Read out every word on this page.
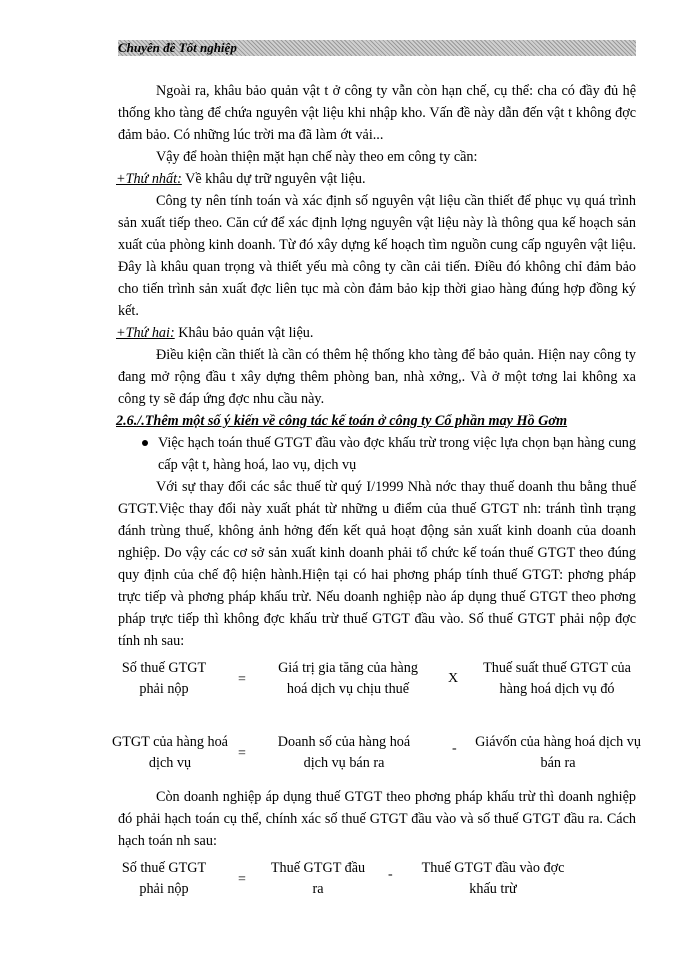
Chuyên đề Tốt nghiệp

Ngoài ra, khâu bảo quản vật t ở công ty vẫn còn hạn chế, cụ thể: cha có đầy đủ hệ thống kho tàng để chứa nguyên vật liệu khi nhập kho. Vấn đề này dẫn đến vật t không đợc đảm bảo. Có những lúc trời ma đã làm ớt vải...

Vậy để hoàn thiện mặt hạn chế này theo em công ty cần:

+Thứ nhất: Về khâu dự trữ nguyên vật liệu.

Công ty nên tính toán và xác định số nguyên vật liệu cần thiết để phục vụ quá trình sản xuất tiếp theo. Căn cứ để xác định lợng nguyên vật liệu này là thông qua kế hoạch sản xuất của phòng kinh doanh. Từ đó xây dựng kế hoạch tìm nguồn cung cấp nguyên vật liệu. Đây là khâu quan trọng và thiết yếu mà công ty cần cải tiến. Điều đó không chỉ đảm bảo cho tiến trình sản xuất đợc liên tục mà còn đảm bảo kịp thời giao hàng đúng hợp đồng ký kết.

+Thứ hai: Khâu bảo quản vật liệu.

Điều kiện cần thiết là cần có thêm hệ thống kho tàng để bảo quản. Hiện nay công ty đang mở rộng đầu t xây dựng thêm phòng ban, nhà xởng,. Và ở một tơng lai không xa công ty sẽ đáp ứng đợc nhu cầu này.

2.6./.Thêm một số ý kiến về công tác kế toán ở công ty Cổ phần may Hồ Gơm

Việc hạch toán thuế GTGT đầu vào đợc khấu trừ trong việc lựa chọn bạn hàng cung cấp vật t, hàng hoá, lao vụ, dịch vụ

Với sự thay đổi các sắc thuế từ quý I/1999 Nhà nớc thay thuế doanh thu bằng thuế GTGT.Việc thay đổi này xuất phát từ những u điểm của thuế GTGT nh: tránh tình trạng đánh trùng thuế, không ảnh hởng đến kết quả hoạt động sản xuất kinh doanh của doanh nghiệp. Do vậy các cơ sở sản xuất kinh doanh phải tổ chức kế toán thuế GTGT theo đúng quy định của chế độ hiện hành.Hiện tại có hai phơng pháp tính thuế GTGT: phơng pháp trực tiếp và phơng pháp khấu trừ. Nếu doanh nghiệp nào áp dụng thuế GTGT theo phơng pháp trực tiếp thì không đợc khấu trừ thuế GTGT đầu vào. Số thuế GTGT phải nộp đợc tính nh sau:

Số thuế GTGT phải nộp
=
Giá trị gia tăng của hàng hoá dịch vụ chịu thuế
X
Thuế suất thuế GTGT của hàng hoá dịch vụ đó
GTGT của hàng hoá dịch vụ
=
Doanh số của hàng hoá dịch vụ bán ra
-	Giávốn của hàng hoá dịch vụ bán ra

Còn doanh nghiệp áp dụng thuế GTGT theo phơng pháp khấu trừ thì doanh nghiệp đó phải hạch toán cụ thể, chính xác số thuế GTGT đầu vào và số thuế GTGT đầu ra. Cách hạch toán nh sau:

Số thuế GTGT phải nộp
=
Thuế GTGT đầu ra
- Thuế GTGT đầu vào đợc khấu trừ
